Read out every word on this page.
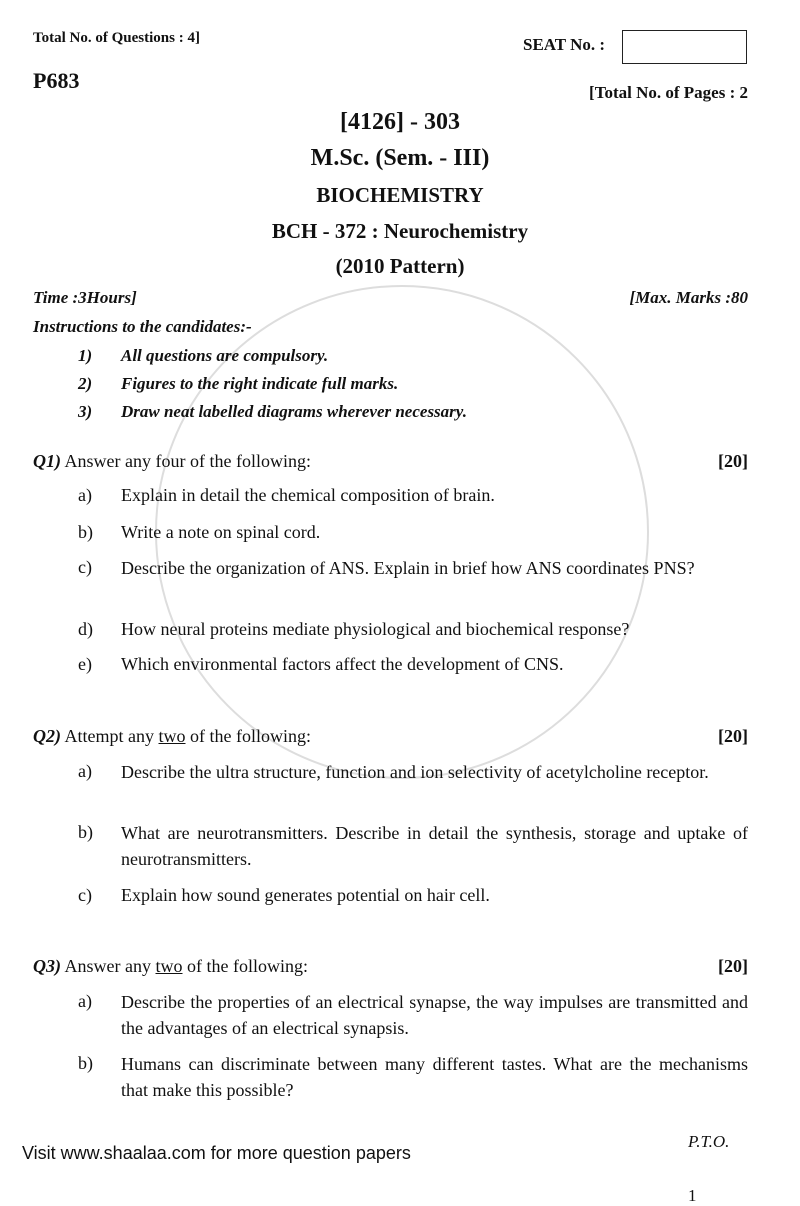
Total No. of Questions : 4]	SEAT No. :
P683	[Total No. of Pages : 2
[4126] - 303
M.Sc. (Sem. - III)
BIOCHEMISTRY
BCH - 372 : Neurochemistry
(2010 Pattern)
Time :3Hours]	[Max. Marks :80
Instructions to the candidates:-
1) All questions are compulsory.
2) Figures to the right indicate full marks.
3) Draw neat labelled diagrams wherever necessary.
Q1) Answer any four of the following:	[20]
a) Explain in detail the chemical composition of brain.
b) Write a note on spinal cord.
c) Describe the organization of ANS. Explain in brief how ANS coordinates PNS?
d) How neural proteins mediate physiological and biochemical response?
e) Which environmental factors affect the development of CNS.
Q2) Attempt any two of the following:	[20]
a) Describe the ultra structure, function and ion selectivity of acetylcholine receptor.
b) What are neurotransmitters. Describe in detail the synthesis, storage and uptake of neurotransmitters.
c) Explain how sound generates potential on hair cell.
Q3) Answer any two of the following:	[20]
a) Describe the properties of an electrical synapse, the way impulses are transmitted and the advantages of an electrical synapsis.
b) Humans can discriminate between many different tastes. What are the mechanisms that make this possible?
P.T.O.
Visit www.shaalaa.com for more question papers
1
